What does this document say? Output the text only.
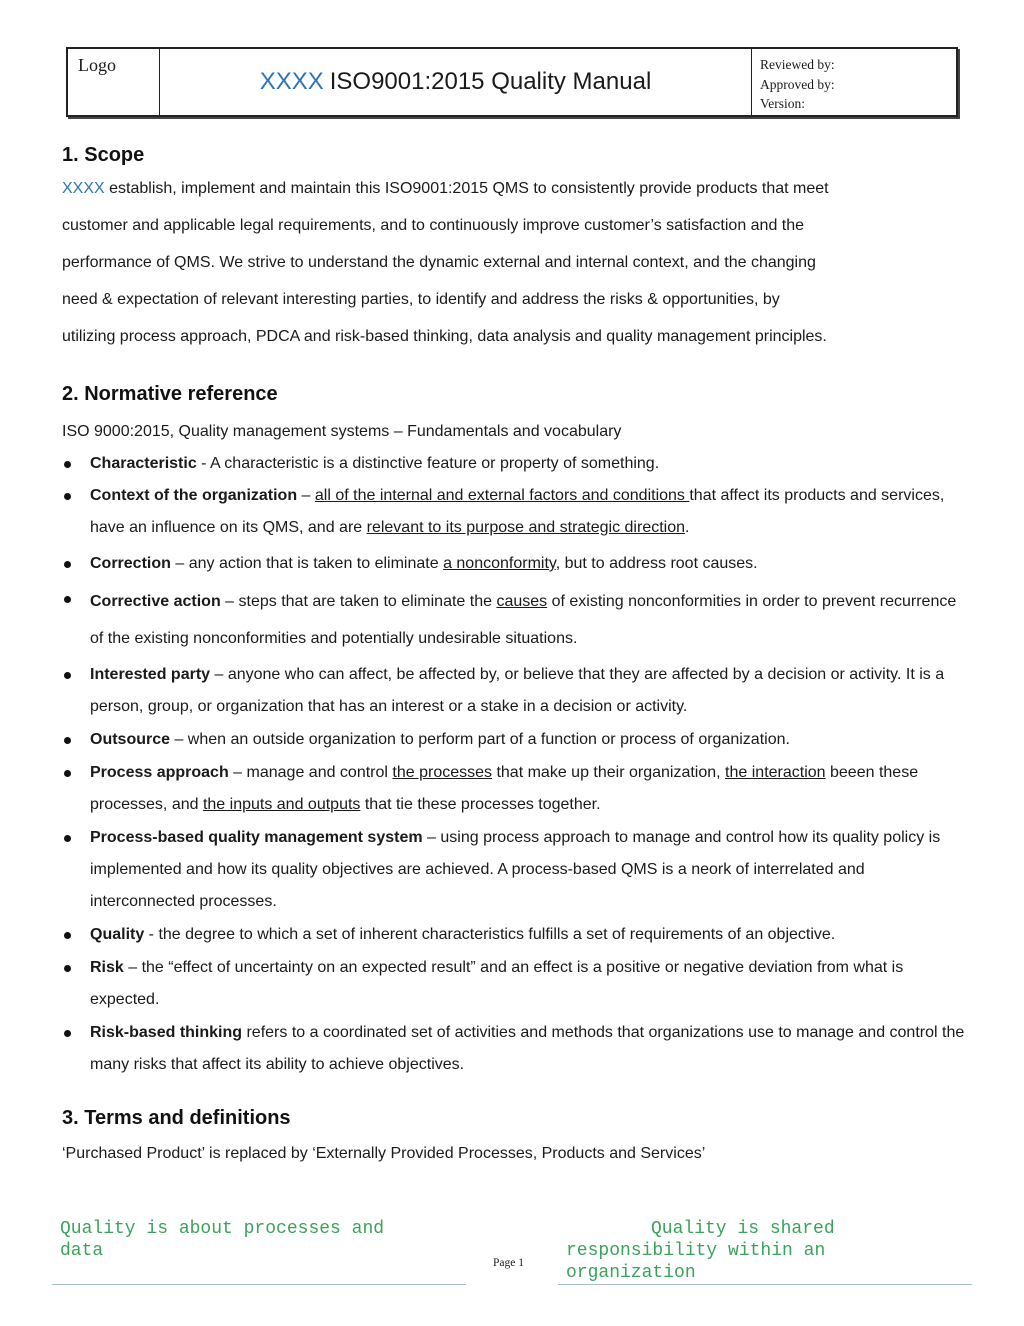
Logo
XXXX ISO9001:2015 Quality Manual
Reviewed by:
Approved by:
Version:
1. Scope
XXXX establish, implement and maintain this ISO9001:2015 QMS to consistently provide products that meet
customer and applicable legal requirements, and to continuously improve customer’s satisfaction and the
performance of QMS. We strive to understand the dynamic external and internal context, and the changing
need & expectation of relevant interesting parties, to identify and address the risks & opportunities, by
utilizing process approach, PDCA and risk-based thinking, data analysis and quality management principles.
2. Normative reference
ISO 9000:2015, Quality management systems – Fundamentals and vocabulary
Characteristic - A characteristic is a distinctive feature or property of something.
Context of the organization – all of the internal and external factors and conditions that affect its products and services, have an influence on its QMS, and are relevant to its purpose and strategic direction.
Correction – any action that is taken to eliminate a nonconformity, but to address root causes.
Corrective action – steps that are taken to eliminate the causes of existing nonconformities in order to prevent recurrence of the existing nonconformities and potentially undesirable situations.
Interested party – anyone who can affect, be affected by, or believe that they are affected by a decision or activity. It is a person, group, or organization that has an interest or a stake in a decision or activity.
Outsource – when an outside organization to perform part of a function or process of organization.
Process approach – manage and control the processes that make up their organization, the interaction beeen these processes, and the inputs and outputs that tie these processes together.
Process-based quality management system – using process approach to manage and control how its quality policy is implemented and how its quality objectives are achieved. A process-based QMS is a neork of interrelated and interconnected processes.
Quality - the degree to which a set of inherent characteristics fulfills a set of requirements of an objective.
Risk – the “effect of uncertainty on an expected result” and an effect is a positive or negative deviation from what is expected.
Risk-based thinking refers to a coordinated set of activities and methods that organizations use to manage and control the many risks that affect its ability to achieve objectives.
3. Terms and definitions
‘Purchased Product’ is replaced by ‘Externally Provided Processes, Products and Services’
Quality is about processes and
data
Quality is shared
responsibility within an
organization
Page 1
